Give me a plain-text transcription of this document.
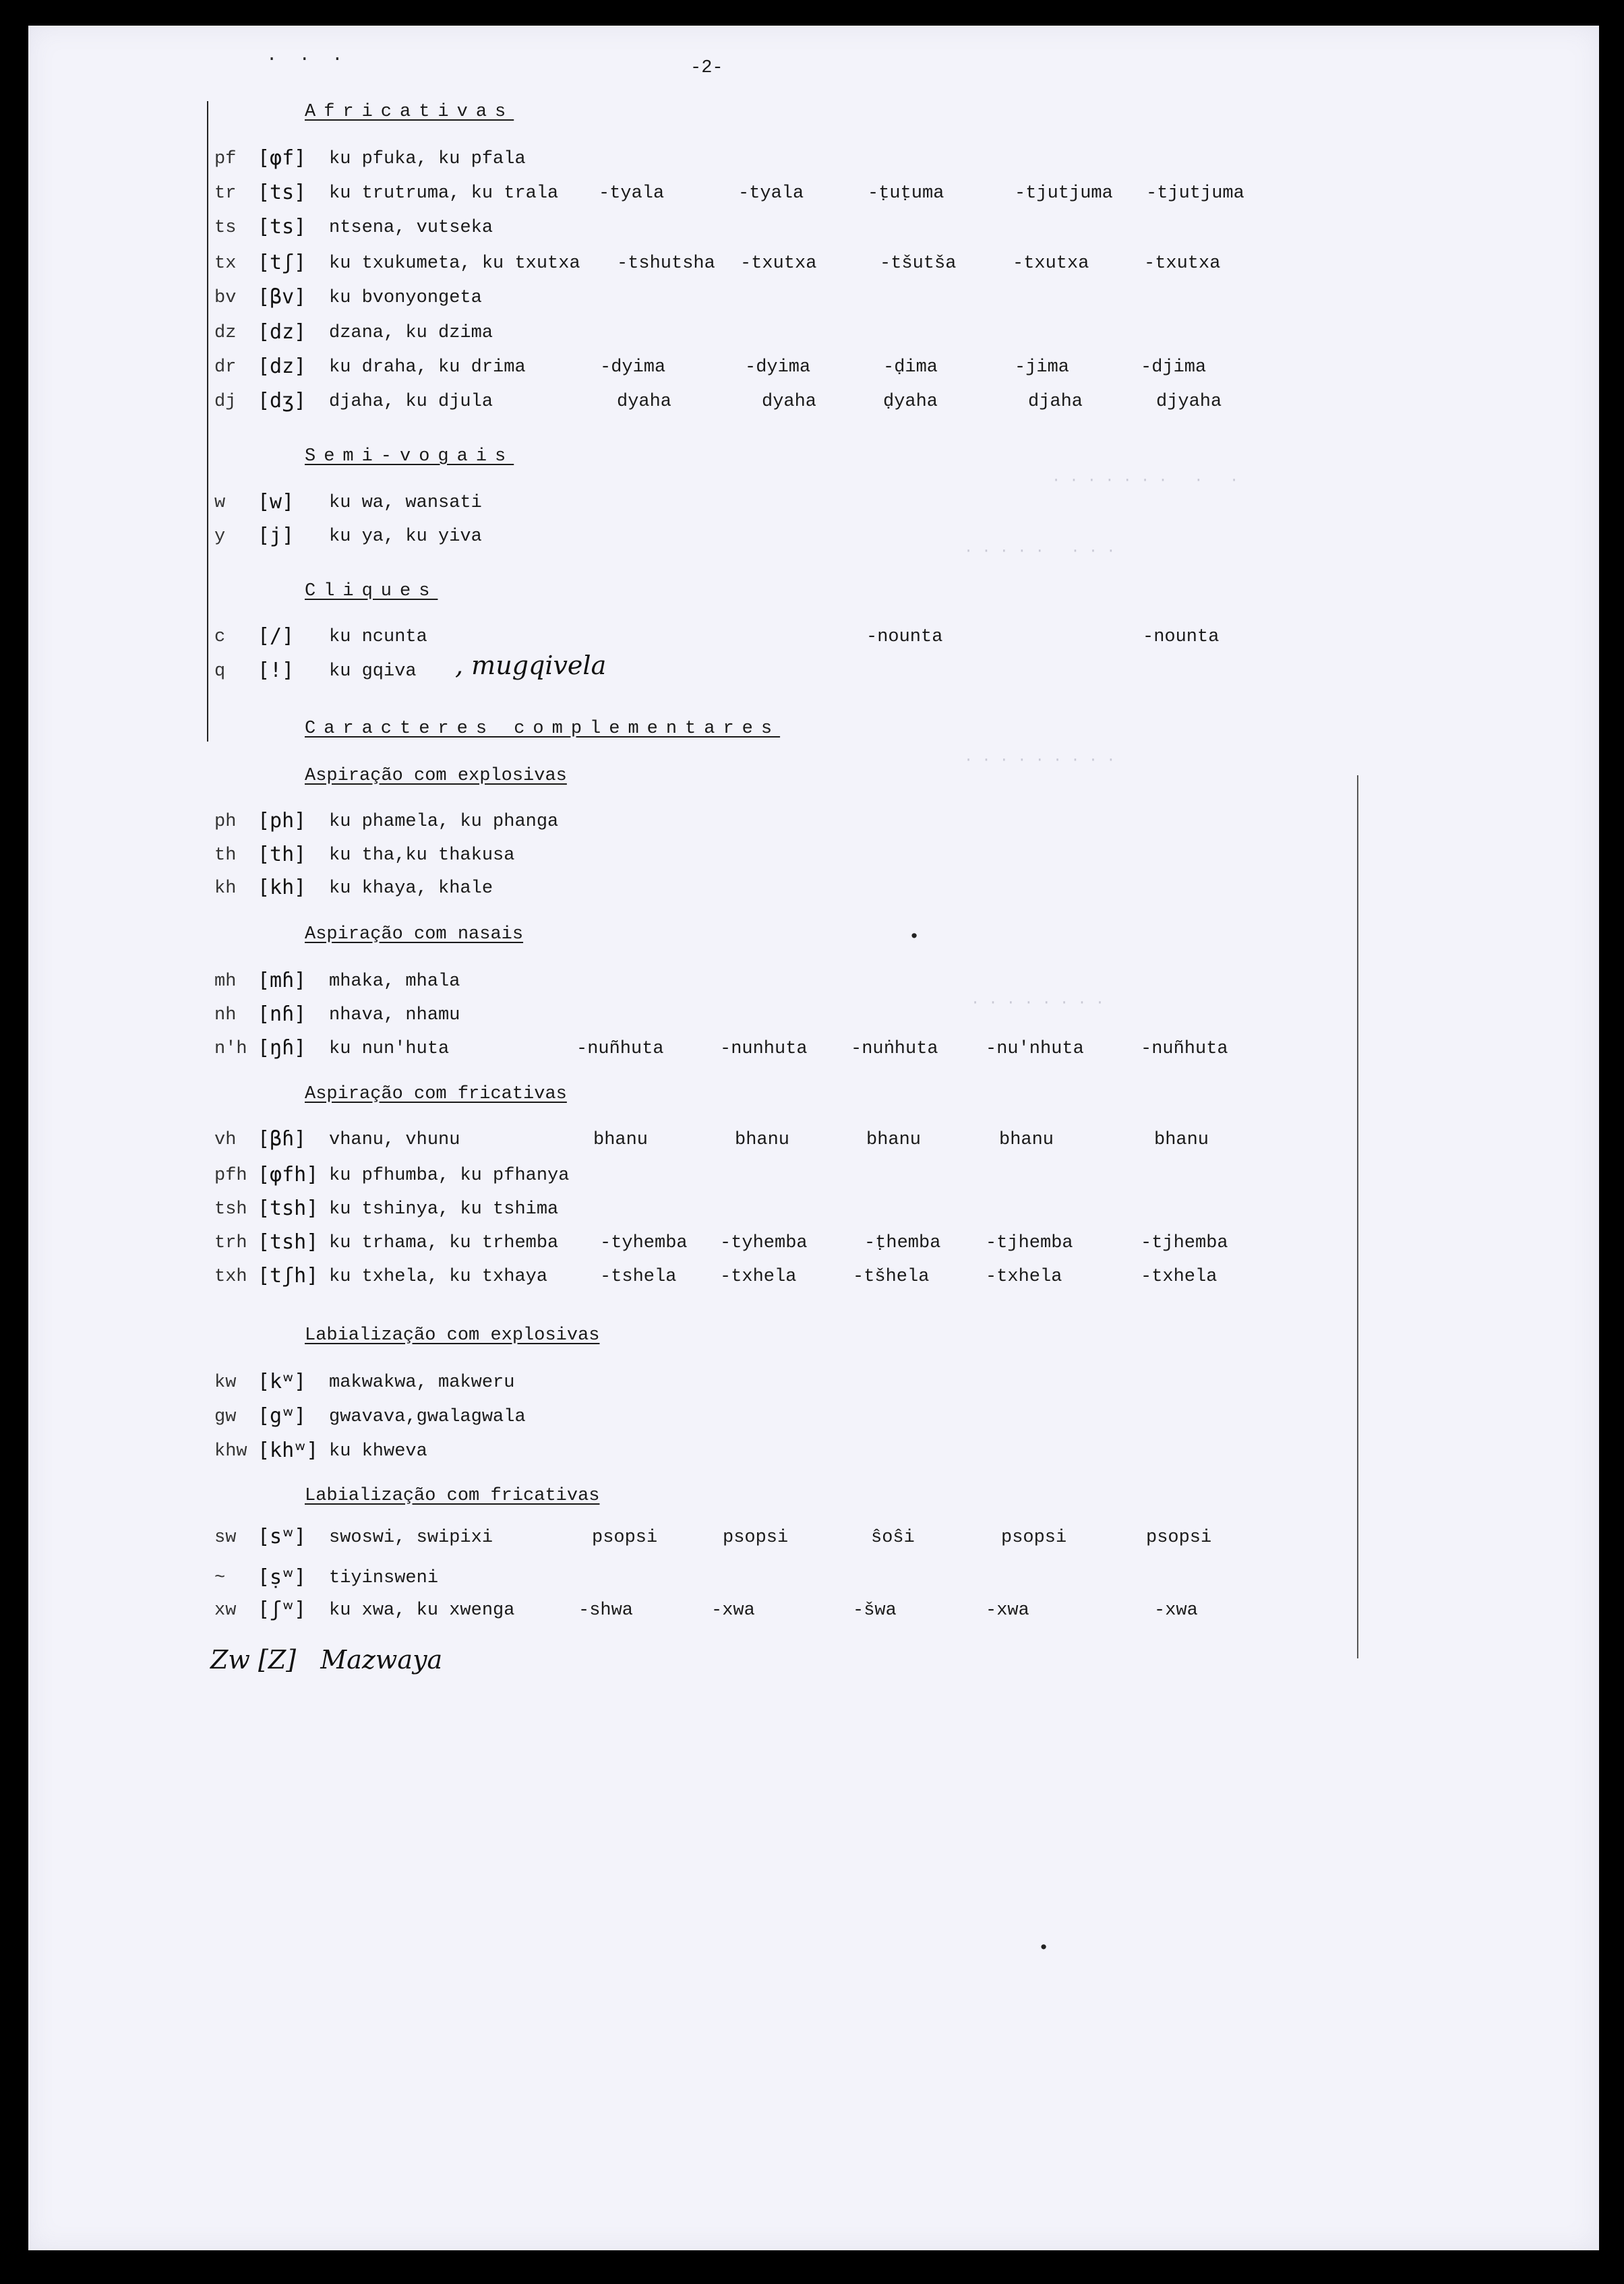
· · · · · · ·   ·   ·
· · · · ·   · · ·
· · · · · · · · ·
· · · · · · · ·
-2-
Africativas
pf [φf] ku pfuka, ku pfala
tr [ts] ku trutruma, ku trala -tyala	-tyala	-ṭuṭuma	-tjutjuma -tjutjuma
ts [ts] ntsena, vutseka
tx [tʃ] ku txukumeta, ku txutxa -tshutsha -txutxa	-tšutša	-txutxa	-txutxa
bv [βv] ku bvonyongeta
dz [dz] dzana, ku dzima
dr [dz] ku draha, ku drima	-dyima	-dyima	-ḍima	-jima	-djima
dj [dʒ] djaha, ku djula	dyaha	dyaha	ḍyaha	djaha	djyaha
Semi-vogais
w [w] ku wa, wansati
y [j] ku ya, ku yiva
Cliques
c [/] ku ncunta	-nounta	-nounta
q [!] ku gqiva , mugqivela
Caracteres complementares
Aspiração com explosivas
ph [ph] ku phamela, ku phanga
th [th] ku tha,ku thakusa
kh [kh] ku khaya, khale
Aspiração com nasais
mh [mɦ] mhaka, mhala
nh [nɦ] nhava, nhamu
n'h [ŋɦ] ku nun'huta	-nuñhuta	-nunhuta -nuṅhuta	-nu'nhuta	-nuñhuta
Aspiração com fricativas
vh [βɦ] vhanu, vhunu	bhanu	bhanu	bhanu	bhanu	bhanu
pfh [φfh] ku pfhumba, ku pfhanya
tsh [tsh] ku tshinya, ku tshima
trh [tsh] ku trhama, ku trhemba -tyhemba -tyhemba	-ṭhemba -tjhemba	-tjhemba
txh [tʃh] ku txhela, ku txhaya	-tshela -txhela	-tšhela	-txhela	-txhela
Labialização com explosivas
kw [kʷ] makwakwa, makweru
gw [gʷ] gwavava,gwalagwala
khw [khʷ] ku khweva
Labialização com fricativas
sw [sʷ] swoswi, swipixi	psopsi	psopsi	ŝoŝi	psopsi	psopsi
~ [ṣʷ] tiyinsweni
xw [ʃʷ] ku xwa, ku xwenga	-shwa	-xwa	-šwa	-xwa	-xwa
Zw [Z]   Mazwaya
.  .  .
•
•
